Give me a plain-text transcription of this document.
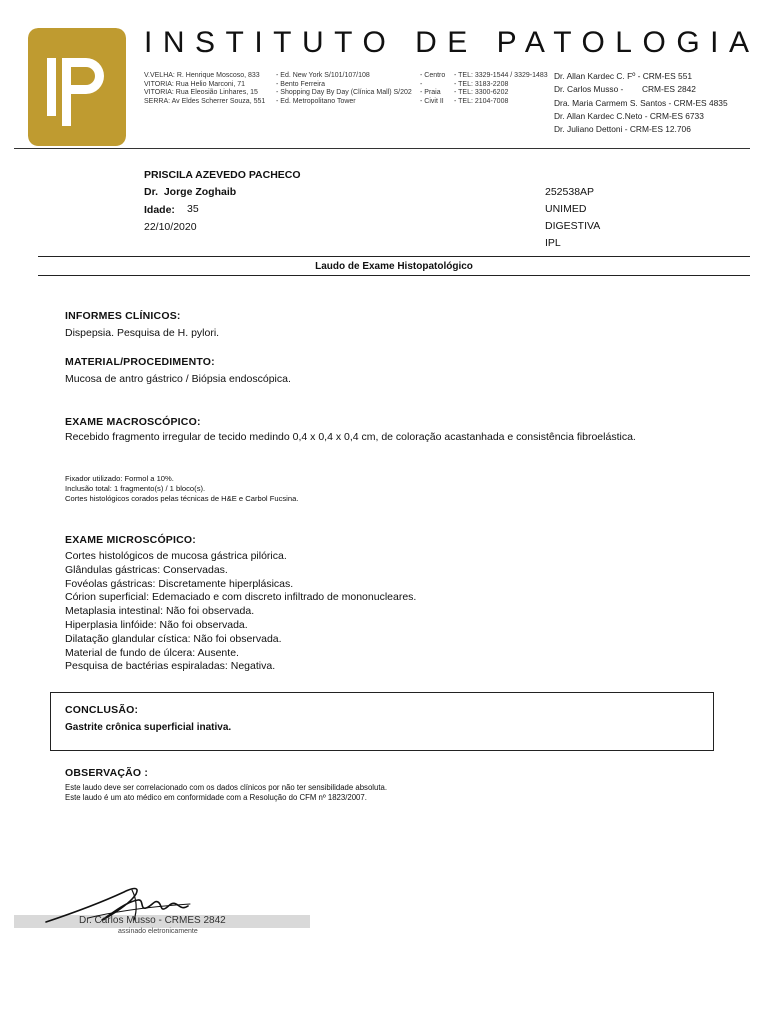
INSTITUTO DE PATOLOGIA
V.VELHA: R. Henrique Moscoso, 833 - Ed. New York S/101/107/108	- Centro - TEL: 3329-1544 / 3329-1483
VITORIA: Rua Helio Marconi, 71	- Bento Ferreira	-	- TEL: 3183-2208
VITORIA: Rua Eleosião Linhares, 15	- Shopping Day By Day (Clínica Mall) S/202 - Praia - TEL: 3300-6202
SERRA: Av Eldes Scherrer Souza, 551 - Ed. Metropolitano Tower	- Civit II - TEL: 2104-7008
Dr. Allan Kardec C. Fº - CRM-ES 551
Dr. Carlos Musso -        CRM-ES 2842
Dra. Maria Carmem S. Santos - CRM-ES 4835
Dr. Allan Kardec C.Neto - CRM-ES 6733
Dr. Juliano Dettoni - CRM-ES 12.706
PRISCILA AZEVEDO PACHECO
Dr.  Jorge Zoghaib
Idade: 35
22/10/2020
252538AP
UNIMED
DIGESTIVA
IPL
Laudo de Exame Histopatológico
INFORMES CLÍNICOS:
Dispepsia. Pesquisa de H. pylori.
MATERIAL/PROCEDIMENTO:
Mucosa de antro gástrico / Biópsia endoscópica.
EXAME MACROSCÓPICO:
Recebido fragmento irregular de tecido medindo 0,4 x 0,4 x 0,4 cm, de coloração acastanhada e consistência fibroelástica.
Fixador utilizado: Formol a 10%.
Inclusão total: 1 fragmento(s) / 1 bloco(s).
Cortes histológicos corados pelas técnicas de H&E e Carbol Fucsina.
EXAME MICROSCÓPICO:
Cortes histológicos de mucosa gástrica pilórica.
Glândulas gástricas: Conservadas.
Fovéolas gástricas: Discretamente hiperplásicas.
Córion superficial: Edemaciado e com discreto infiltrado de mononucleares.
Metaplasia intestinal: Não foi observada.
Hiperplasia linfóide: Não foi observada.
Dilatação glandular cística: Não foi observada.
Material de fundo de úlcera: Ausente.
Pesquisa de bactérias espiraladas: Negativa.
CONCLUSÃO:
Gastrite crônica superficial inativa.
OBSERVAÇÃO :
Este laudo deve ser correlacionado com os dados clínicos por não ter sensibilidade absoluta.
Este laudo é um ato médico em conformidade com a Resolução do CFM nº 1823/2007.
Dr. Carlos Musso - CRMES 2842
assinado eletronicamente
